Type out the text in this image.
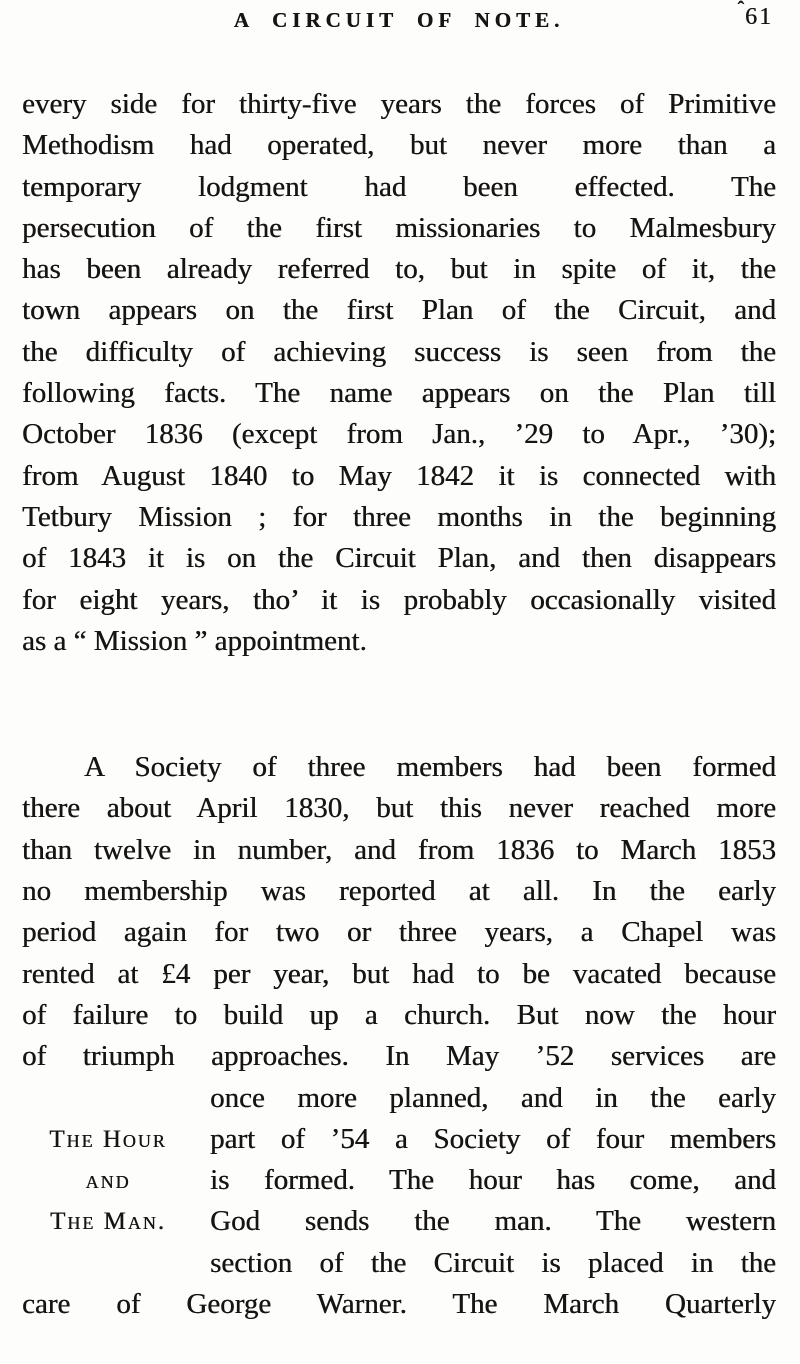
A CIRCUIT OF NOTE.	ˆ 61
every side for thirty-five years the forces of Primitive
Methodism had operated, but never more than a
temporary lodgment had been effected. The
persecution of the first missionaries to Malmesbury
has been already referred to, but in spite of it, the
town appears on the first Plan of the Circuit, and
the difficulty of achieving success is seen from the
following facts. The name appears on the Plan till
October 1836 (except from Jan., ’29 to Apr., ’30);
from August 1840 to May 1842 it is connected with
Tetbury Mission ; for three months in the beginning
of 1843 it is on the Circuit Plan, and then disappears
for eight years, tho’ it is probably occasionally visited
as a “ Mission ” appointment.
A Society of three members had been formed
there about April 1830, but this never reached more
than twelve in number, and from 1836 to March 1853
no membership was reported at all. In the early
period again for two or three years, a Chapel was
rented at £4 per year, but had to be vacated because
of failure to build up a church. But now the hour
of triumph approaches. In May ’52 services are
once more planned, and in the early
The Hour	part of ’54 a Society of four members
and	is formed. The hour has come, and
The Man.	God sends the man. The western
section of the Circuit is placed in the
care of George Warner. The March Quarterly
